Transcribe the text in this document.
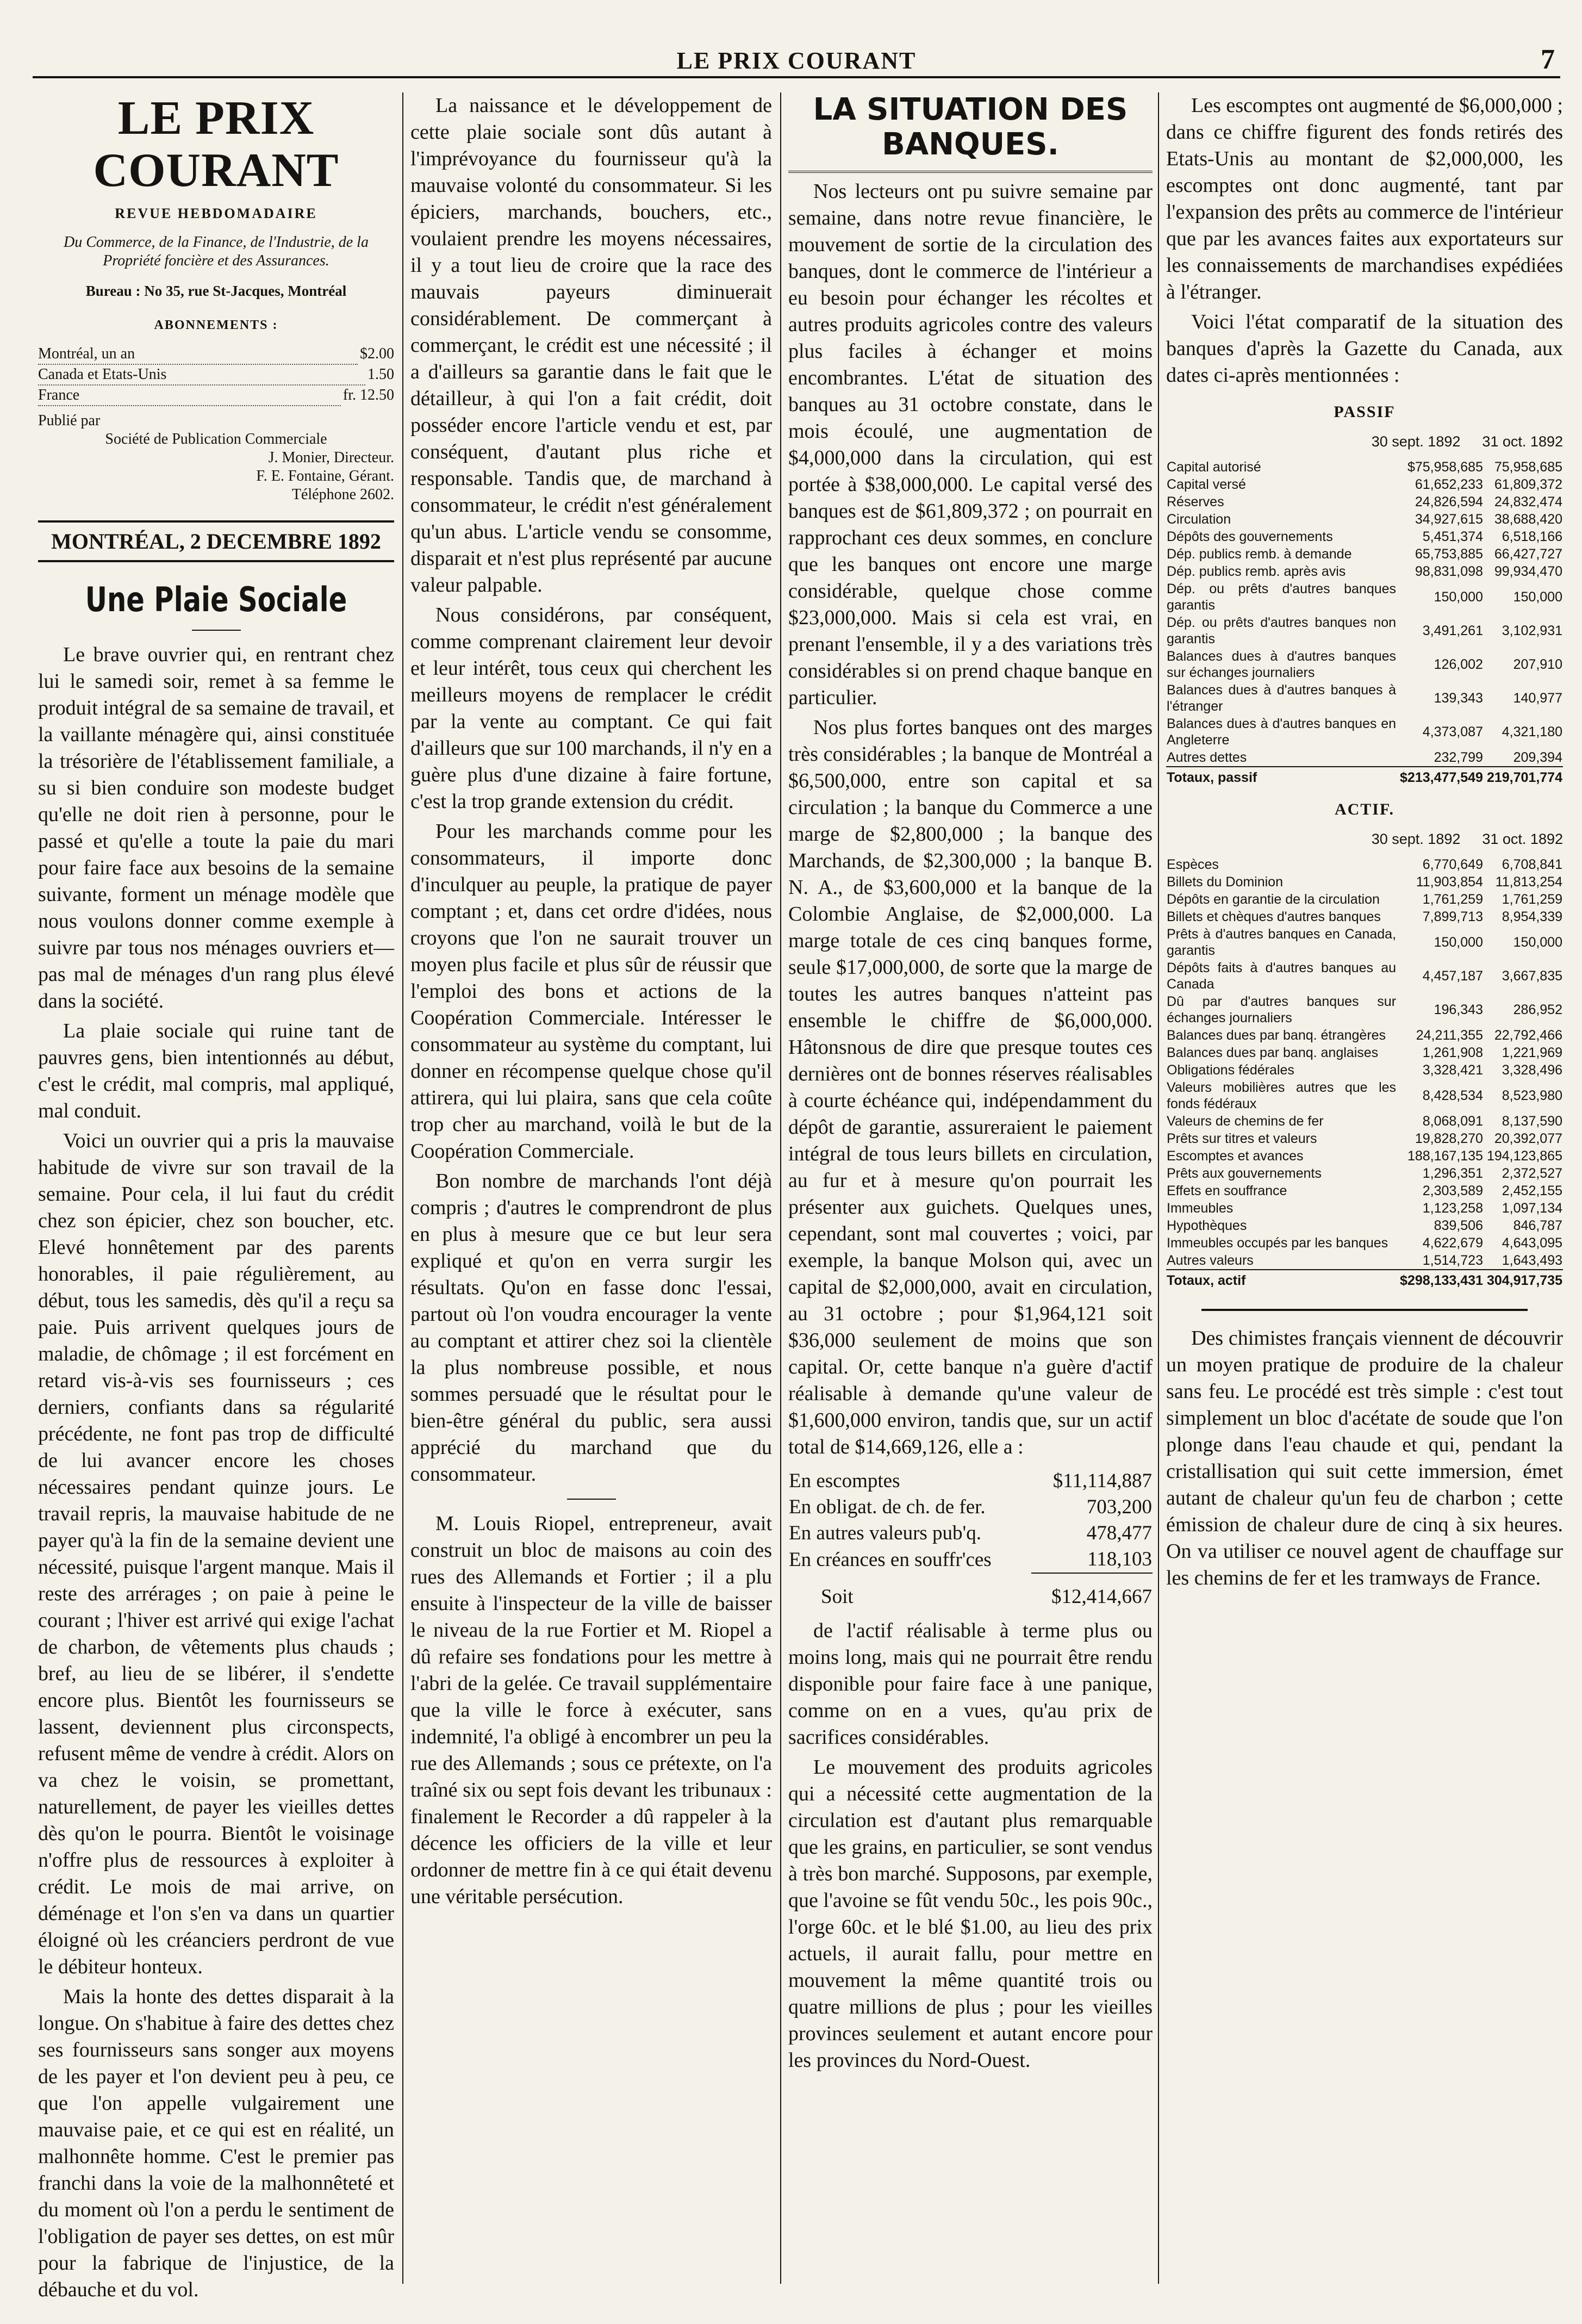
LE PRIX COURANT	7
LE PRIX COURANT
REVUE HEBDOMADAIRE
Du Commerce, de la Finance, de l'Industrie, de la Propriété foncière et des Assurances.
Bureau : No 35, rue St-Jacques, Montréal
ABONNEMENTS :
Montréal, un an	$2.00
Canada et Etats-Unis	1.50
France	fr. 12.50
Publié par
Société de Publication Commerciale
J. Monier, Directeur.
F. E. Fontaine, Gérant.
Téléphone 2602.
MONTRÉAL, 2 DECEMBRE 1892
Une Plaie Sociale

Le brave ouvrier qui, en rentrant chez lui le samedi soir, remet à sa femme le produit intégral de sa semaine de travail, et la vaillante ménagère qui, ainsi constituée la trésorière de l'établissement familiale, a su si bien conduire son modeste budget qu'elle ne doit rien à personne, pour le passé et qu'elle a toute la paie du mari pour faire face aux besoins de la semaine suivante, forment un ménage modèle que nous voulons donner comme exemple à suivre par tous nos ménages ouvriers et—pas mal de ménages d'un rang plus élevé dans la société.

La plaie sociale qui ruine tant de pauvres gens, bien intentionnés au début, c'est le crédit, mal compris, mal appliqué, mal conduit.

Voici un ouvrier qui a pris la mauvaise habitude de vivre sur son travail de la semaine. Pour cela, il lui faut du crédit chez son épicier, chez son boucher, etc. Elevé honnêtement par des parents honorables, il paie régulièrement, au début, tous les samedis, dès qu'il a reçu sa paie. Puis arrivent quelques jours de maladie, de chômage ; il est forcément en retard vis-à-vis ses fournisseurs ; ces derniers, confiants dans sa régularité précédente, ne font pas trop de difficulté de lui avancer encore les choses nécessaires pendant quinze jours. Le travail repris, la mauvaise habitude de ne payer qu'à la fin de la semaine devient une nécessité, puisque l'argent manque. Mais il reste des arrérages ; on paie à peine le courant ; l'hiver est arrivé qui exige l'achat de charbon, de vêtements plus chauds ; bref, au lieu de se libérer, il s'endette encore plus. Bientôt les fournisseurs se lassent, deviennent plus circonspects, refusent même de vendre à crédit. Alors on va chez le voisin, se promettant, naturellement, de payer les vieilles dettes dès qu'on le pourra. Bientôt le voisinage n'offre plus de ressources à exploiter à crédit. Le mois de mai arrive, on déménage et l'on s'en va dans un quartier éloigné où les créanciers perdront de vue le débiteur honteux.

Mais la honte des dettes disparait à la longue. On s'habitue à faire des dettes chez ses fournisseurs sans songer aux moyens de les payer et l'on devient peu à peu, ce que l'on appelle vulgairement une mauvaise paie, et ce qui est en réalité, un malhonnête homme. C'est le premier pas franchi dans la voie de la malhonnêteté et du moment où l'on a perdu le sentiment de l'obligation de payer ses dettes, on est mûr pour la fabrique de l'injustice, de la débauche et du vol.

La naissance et le développement de cette plaie sociale sont dûs autant à l'imprévoyance du fournisseur qu'à la mauvaise volonté du consommateur. Si les épiciers, marchands, bouchers, etc., voulaient prendre les moyens nécessaires, il y a tout lieu de croire que la race des mauvais payeurs diminuerait considérablement. De commerçant à commerçant, le crédit est une nécessité ; il a d'ailleurs sa garantie dans le fait que le détailleur, à qui l'on a fait crédit, doit posséder encore l'article vendu et est, par conséquent, d'autant plus riche et responsable. Tandis que, de marchand à consommateur, le crédit n'est généralement qu'un abus. L'article vendu se consomme, disparait et n'est plus représenté par aucune valeur palpable.

Nous considérons, par conséquent, comme comprenant clairement leur devoir et leur intérêt, tous ceux qui cherchent les meilleurs moyens de remplacer le crédit par la vente au comptant. Ce qui fait d'ailleurs que sur 100 marchands, il n'y en a guère plus d'une dizaine à faire fortune, c'est la trop grande extension du crédit.

Pour les marchands comme pour les consommateurs, il importe donc d'inculquer au peuple, la pratique de payer comptant ; et, dans cet ordre d'idées, nous croyons que l'on ne saurait trouver un moyen plus facile et plus sûr de réussir que l'emploi des bons et actions de la Coopération Commerciale. Intéresser le consommateur au système du comptant, lui donner en récompense quelque chose qu'il attirera, qui lui plaira, sans que cela coûte trop cher au marchand, voilà le but de la Coopération Commerciale.

Bon nombre de marchands l'ont déjà compris ; d'autres le comprendront de plus en plus à mesure que ce but leur sera expliqué et qu'on en verra surgir les résultats. Qu'on en fasse donc l'essai, partout où l'on voudra encourager la vente au comptant et attirer chez soi la clientèle la plus nombreuse possible, et nous sommes persuadé que le résultat pour le bien-être général du public, sera aussi apprécié du marchand que du consommateur.

M. Louis Riopel, entrepreneur, avait construit un bloc de maisons au coin des rues des Allemands et Fortier ; il a plu ensuite à l'inspecteur de la ville de baisser le niveau de la rue Fortier et M. Riopel a dû refaire ses fondations pour les mettre à l'abri de la gelée. Ce travail supplémentaire que la ville le force à exécuter, sans indemnité, l'a obligé à encombrer un peu la rue des Allemands ; sous ce prétexte, on l'a traîné six ou sept fois devant les tribunaux : finalement le Recorder a dû rappeler à la décence les officiers de la ville et leur ordonner de mettre fin à ce qui était devenu une véritable persécution.

LA SITUATION DES BANQUES.

Nos lecteurs ont pu suivre semaine par semaine, dans notre revue financière, le mouvement de sortie de la circulation des banques, dont le commerce de l'intérieur a eu besoin pour échanger les récoltes et autres produits agricoles contre des valeurs plus faciles à échanger et moins encombrantes. L'état de situation des banques au 31 octobre constate, dans le mois écoulé, une augmentation de $4,000,000 dans la circulation, qui est portée à $38,000,000. Le capital versé des banques est de $61,809,372 ; on pourrait en rapprochant ces deux sommes, en conclure que les banques ont encore une marge considérable, quelque chose comme $23,000,000. Mais si cela est vrai, en prenant l'ensemble, il y a des variations très considérables si on prend chaque banque en particulier.

Nos plus fortes banques ont des marges très considérables ; la banque de Montréal a $6,500,000, entre son capital et sa circulation ; la banque du Commerce a une marge de $2,800,000 ; la banque des Marchands, de $2,300,000 ; la banque B. N. A., de $3,600,000 et la banque de la Colombie Anglaise, de $2,000,000. La marge totale de ces cinq banques forme, seule $17,000,000, de sorte que la marge de toutes les autres banques n'atteint pas ensemble le chiffre de $6,000,000. Hâtonsnous de dire que presque toutes ces dernières ont de bonnes réserves réalisables à courte échéance qui, indépendamment du dépôt de garantie, assureraient le paiement intégral de tous leurs billets en circulation, au fur et à mesure qu'on pourrait les présenter aux guichets. Quelques unes, cependant, sont mal couvertes ; voici, par exemple, la banque Molson qui, avec un capital de $2,000,000, avait en circulation, au 31 octobre ; pour $1,964,121 soit $36,000 seulement de moins que son capital. Or, cette banque n'a guère d'actif réalisable à demande qu'une valeur de $1,600,000 environ, tandis que, sur un actif total de $14,669,126, elle a :

En escomptes	$11,114,887
En obligat. de ch. de fer.	703,200
En autres valeurs pub'q.	478,477
En créances en souffr'ces	118,103
Soit	$12,414,667

de l'actif réalisable à terme plus ou moins long, mais qui ne pourrait être rendu disponible pour faire face à une panique, comme on en a vues, qu'au prix de sacrifices considérables.

Le mouvement des produits agricoles qui a nécessité cette augmentation de la circulation est d'autant plus remarquable que les grains, en particulier, se sont vendus à très bon marché. Supposons, par exemple, que l'avoine se fût vendu 50c., les pois 90c., l'orge 60c. et le blé $1.00, au lieu des prix actuels, il aurait fallu, pour mettre en mouvement la même quantité trois ou quatre millions de plus ; pour les vieilles provinces seulement et autant encore pour les provinces du Nord-Ouest.

Les escomptes ont augmenté de $6,000,000 ; dans ce chiffre figurent des fonds retirés des Etats-Unis au montant de $2,000,000, les escomptes ont donc augmenté, tant par l'expansion des prêts au commerce de l'intérieur que par les avances faites aux exportateurs sur les connaissements de marchandises expédiées à l'étranger.

Voici l'état comparatif de la situation des banques d'après la Gazette du Canada, aux dates ci-après mentionnées :

PASSIF
30 sept. 1892 31 oct. 1892
Capital autorisé	$75,958,685	75,958,685
Capital versé	61,652,233	61,809,372
Réserves	24,826,594	24,832,474
Circulation	34,927,615	38,688,420
Dépôts des gouvernements	5,451,374	6,518,166
Dép. publics remb. à demande	65,753,885	66,427,727
Dép. publics remb. après avis	98,831,098	99,934,470
Dép. ou prêts d'autres banques garantis	150,000	150,000
Dép. ou prêts d'autres banques non garantis	3,491,261	3,102,931
Balances dues à d'autres banques sur échanges journaliers	126,002	207,910
Balances dues à d'autres banques à l'étranger	139,343	140,977
Balances dues à d'autres banques en Angleterre	4,373,087	4,321,180
Autres dettes	232,799	209,394
Totaux, passif	$213,477,549	219,701,774
ACTIF.
30 sept. 1892 31 oct. 1892
Espèces	6,770,649	6,708,841
Billets du Dominion	11,903,854	11,813,254
Dépôts en garantie de la circulation	1,761,259	1,761,259
Billets et chèques d'autres banques	7,899,713	8,954,339
Prêts à d'autres banques en Canada, garantis	150,000	150,000
Dépôts faits à d'autres banques au Canada	4,457,187	3,667,835
Dû par d'autres banques sur échanges journaliers	196,343	286,952
Balances dues par banq. étrangères	24,211,355	22,792,466
Balances dues par banq. anglaises	1,261,908	1,221,969
Obligations fédérales	3,328,421	3,328,496
Valeurs mobilières autres que les fonds fédéraux	8,428,534	8,523,980
Valeurs de chemins de fer	8,068,091	8,137,590
Prêts sur titres et valeurs	19,828,270	20,392,077
Escomptes et avances	188,167,135	194,123,865
Prêts aux gouvernements	1,296,351	2,372,527
Effets en souffrance	2,303,589	2,452,155
Immeubles	1,123,258	1,097,134
Hypothèques	839,506	846,787
Immeubles occupés par les banques	4,622,679	4,643,095
Autres valeurs	1,514,723	1,643,493
Totaux, actif	$298,133,431	304,917,735

Des chimistes français viennent de découvrir un moyen pratique de produire de la chaleur sans feu. Le procédé est très simple : c'est tout simplement un bloc d'acétate de soude que l'on plonge dans l'eau chaude et qui, pendant la cristallisation qui suit cette immersion, émet autant de chaleur qu'un feu de charbon ; cette émission de chaleur dure de cinq à six heures. On va utiliser ce nouvel agent de chauffage sur les chemins de fer et les tramways de France.
